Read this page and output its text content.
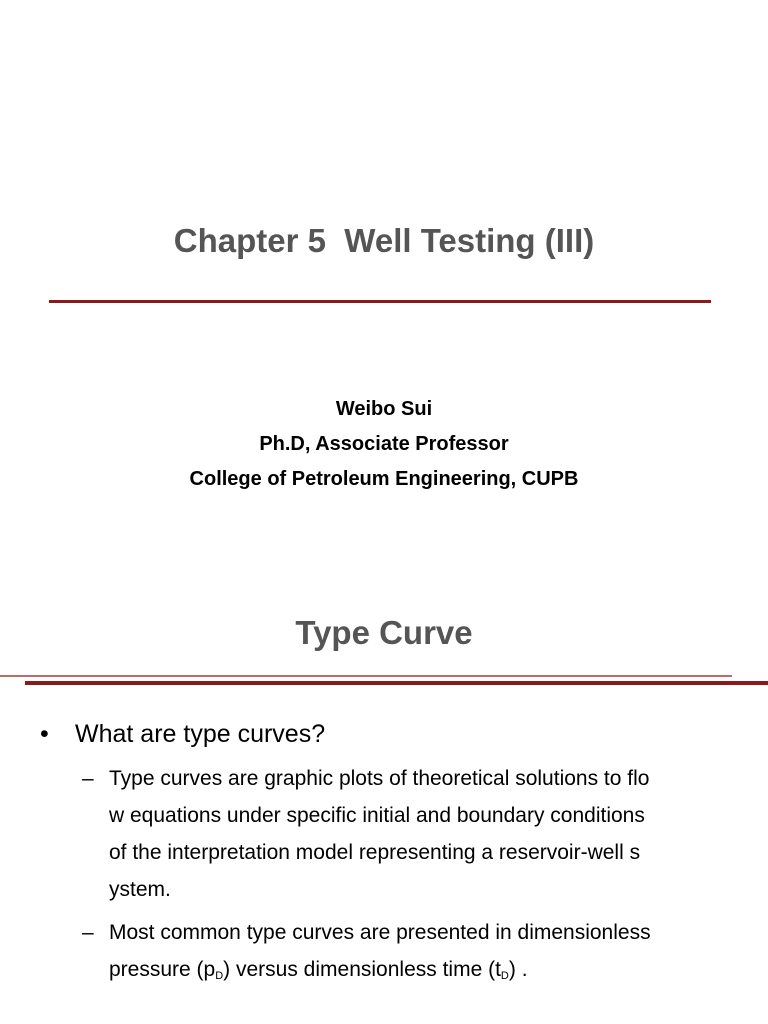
Chapter 5  Well Testing (III)
Weibo Sui
Ph.D, Associate Professor
College of Petroleum Engineering, CUPB
Type Curve
•	What are type curves?
– Type curves are graphic plots of theoretical solutions to flo
w equations under specific initial and boundary conditions
of the interpretation model representing a reservoir-well s
ystem.
– Most common type curves are presented in dimensionless
pressure $(p_D)$ versus dimensionless time $(t_D)$ .
